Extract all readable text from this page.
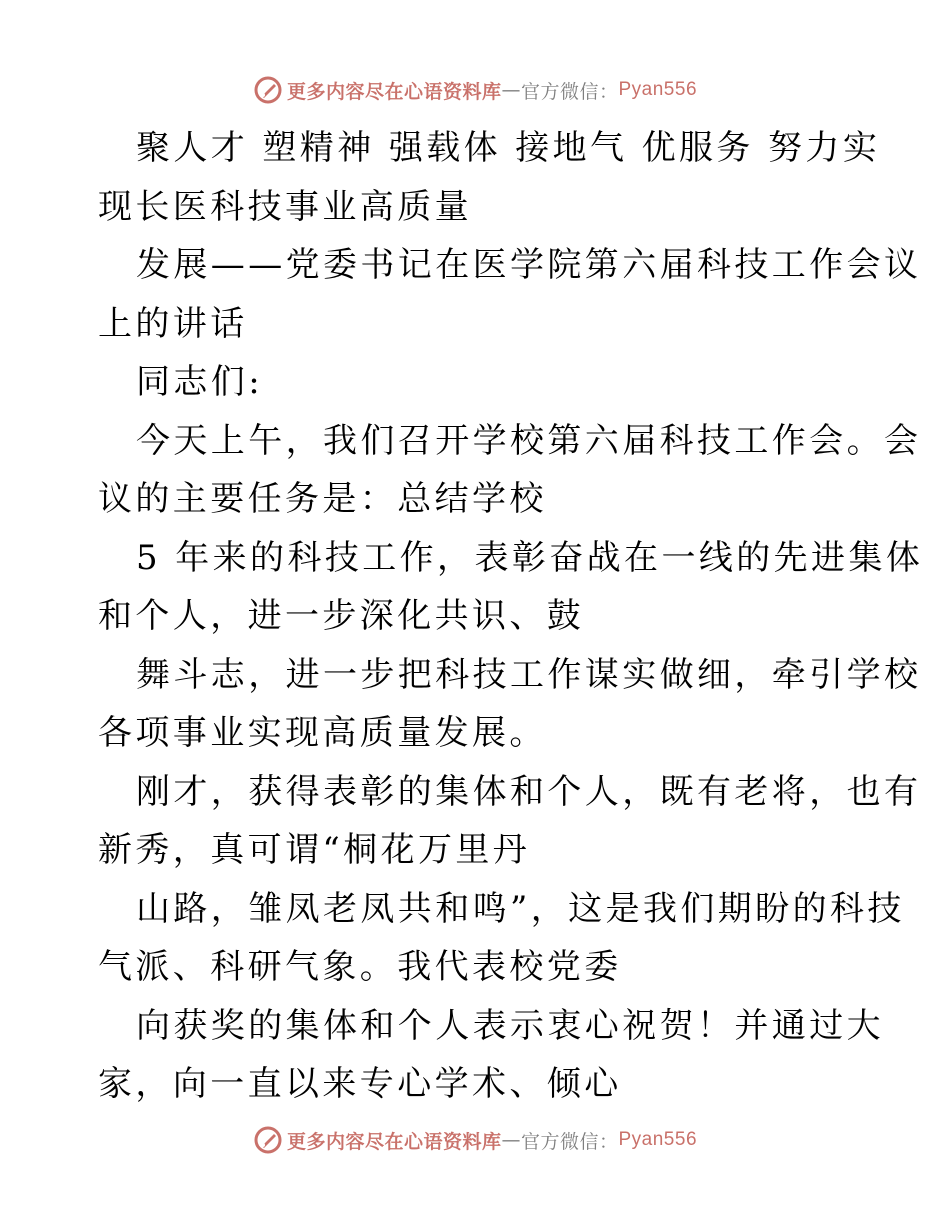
更多内容尽在心语资料库 — 官方微信： Pyan556
聚人才 塑精神 强载体 接地气 优服务 努力实
现长医科技事业高质量
发展——党委书记在医学院第六届科技工作会议
上的讲话
同志们:
今天上午，我们召开学校第六届科技工作会。会
议的主要任务是：总结学校
5 年来的科技工作，表彰奋战在一线的先进集体
和个人，进一步深化共识、鼓
舞斗志，进一步把科技工作谋实做细，牵引学校
各项事业实现高质量发展。
刚才，获得表彰的集体和个人，既有老将，也有
新秀，真可谓“桐花万里丹
山路，雏凤老凤共和鸣”，这是我们期盼的科技
气派、科研气象。我代表校党委
向获奖的集体和个人表示衷心祝贺！并通过大
家，向一直以来专心学术、倾心
更多内容尽在心语资料库 — 官方微信： Pyan556
